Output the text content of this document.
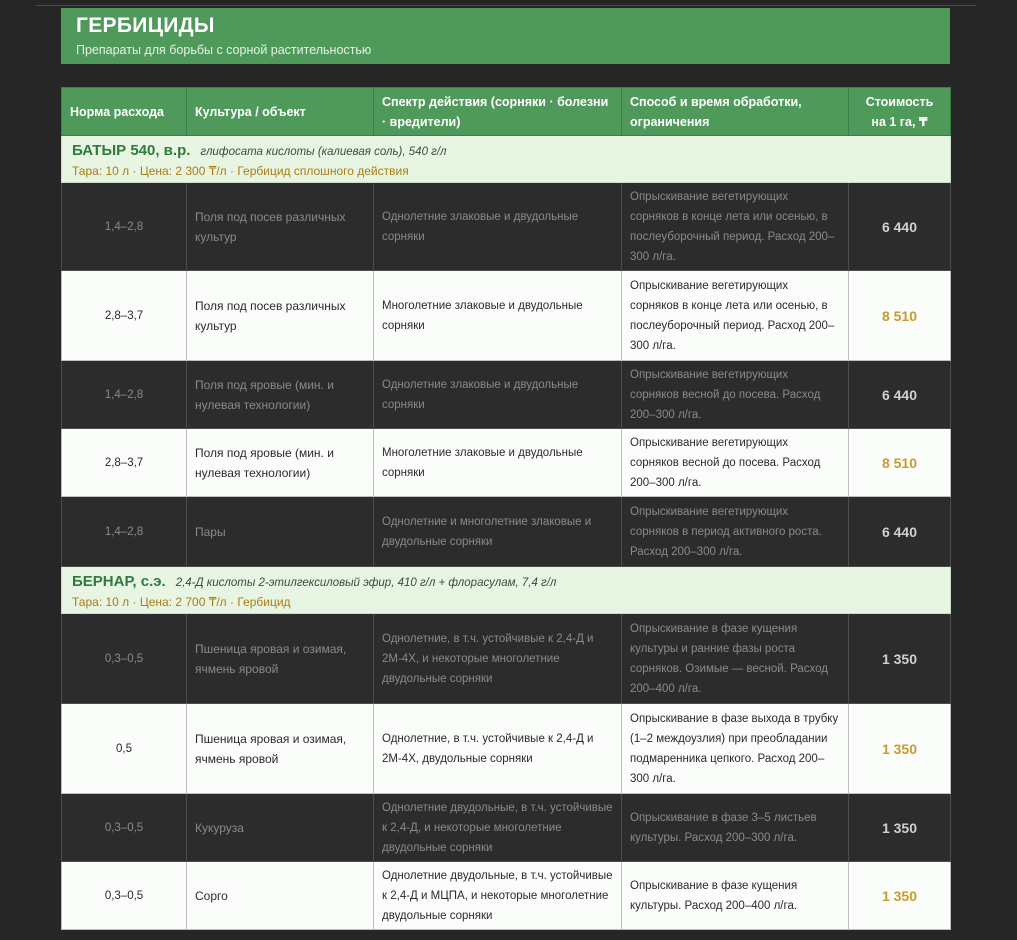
ГЕРБИЦИДЫ
Препараты для борьбы с сорной растительностью
Норма расхода	Культура / объект	Спектр действия (сорняки · болезни · вредители)	Способ и время обработки, ограничения	Стоимость на 1 га, ₸

БАТЫР 540, в.р. глифосата кислоты (калиевая соль), 540 г/л
Тара: 10 л · Цена: 2 300 ₸/л · Гербицид сплошного действия				

1,4–2,8	Поля под посев различных культур	Однолетние злаковые и двудольные сорняки	Опрыскивание вегетирующих сорняков в конце лета или осенью, в послеуборочный период. Расход 200–300 л/га.	6 440
2,8–3,7	Поля под посев различных культур	Многолетние злаковые и двудольные сорняки	Опрыскивание вегетирующих сорняков в конце лета или осенью, в послеуборочный период. Расход 200–300 л/га.	8 510
1,4–2,8	Поля под яровые (мин. и нулевая технологии)	Однолетние злаковые и двудольные сорняки	Опрыскивание вегетирующих сорняков весной до посева. Расход 200–300 л/га.	6 440
2,8–3,7	Поля под яровые (мин. и нулевая технологии)	Многолетние злаковые и двудольные сорняки	Опрыскивание вегетирующих сорняков весной до посева. Расход 200–300 л/га.	8 510
1,4–2,8	Пары	Однолетние и многолетние злаковые и двудольные сорняки	Опрыскивание вегетирующих сорняков в период активного роста. Расход 200–300 л/га.	6 440

БЕРНАР, с.э. 2,4-Д кислоты 2-этилгексиловый эфир, 410 г/л + флорасулам, 7,4 г/л
Тара: 10 л · Цена: 2 700 ₸/л · Гербицид				

0,3–0,5	Пшеница яровая и озимая, ячмень яровой	Однолетние, в т.ч. устойчивые к 2,4-Д и 2М-4Х, и некоторые многолетние двудольные сорняки	Опрыскивание в фазе кущения культуры и ранние фазы роста сорняков. Озимые — весной. Расход 200–400 л/га.	1 350
0,5	Пшеница яровая и озимая, ячмень яровой	Однолетние, в т.ч. устойчивые к 2,4-Д и 2М-4Х, двудольные сорняки	Опрыскивание в фазе выхода в трубку (1–2 междоузлия) при преобладании подмаренника цепкого. Расход 200–300 л/га.	1 350
0,3–0,5	Кукуруза	Однолетние двудольные, в т.ч. устойчивые к 2,4-Д, и некоторые многолетние двудольные сорняки	Опрыскивание в фазе 3–5 листьев культуры. Расход 200–300 л/га.	1 350
0,3–0,5	Сорго	Однолетние двудольные, в т.ч. устойчивые к 2,4-Д и МЦПА, и некоторые многолетние двудольные сорняки	Опрыскивание в фазе кущения культуры. Расход 200–400 л/га.	1 350
